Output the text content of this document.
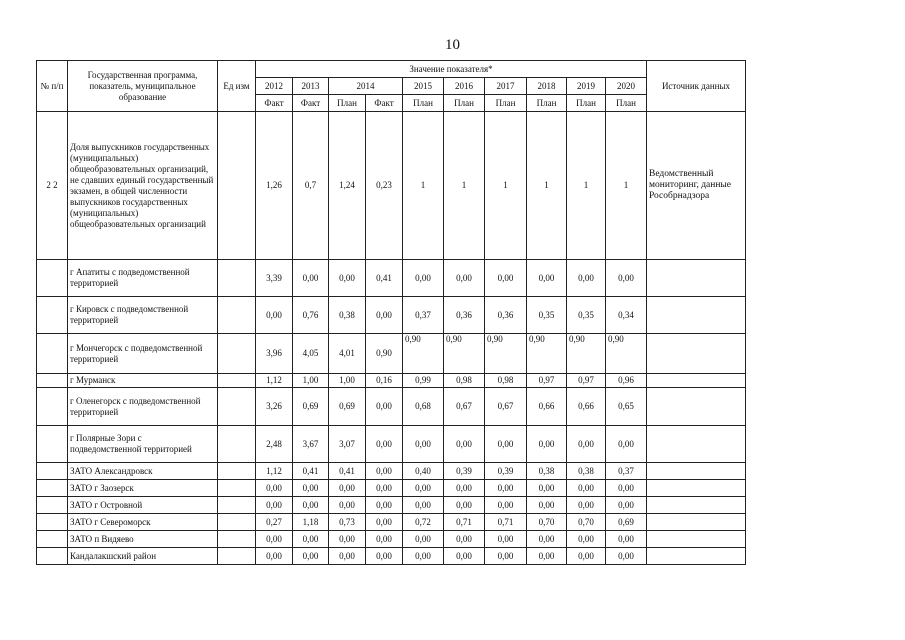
10
№ п/п	Государственная программа, показатель, муниципальное образование	Ед изм	Значение показателя*										Источник данных
			2012	2013	2014		2015	2016	2017	2018	2019	2020	
			Факт	Факт	План	Факт	План	План	План	План	План	План	
2 2	Доля выпускников государственных (муниципальных) общеобразовательных организаций, не сдавших единый государственный экзамен, в общей численности выпускников государственных (муниципальных) общеобразовательных организаций		1,26	0,7	1,24	0,23	1	1	1	1	1	1	Ведомственный мониторинг, данные Рособрнадзора
	г Апатиты с подведомственной территорией		3,39	0,00	0,00	0,41	0,00	0,00	0,00	0,00	0,00	0,00	
	г Кировск с подведомственной территорией		0,00	0,76	0,38	0,00	0,37	0,36	0,36	0,35	0,35	0,34	
	г Мончегорск с подведомственной территорией		3,96	4,05	4,01	0,90	0,90	0,90	0,90	0,90	0,90	0,90	
	г Мурманск		1,12	1,00	1,00	0,16	0,99	0,98	0,98	0,97	0,97	0,96	
	г Оленегорск с подведомственной территорией		3,26	0,69	0,69	0,00	0,68	0,67	0,67	0,66	0,66	0,65	
	г Полярные Зори с подведомственной территорией		2,48	3,67	3,07	0,00	0,00	0,00	0,00	0,00	0,00	0,00	
	ЗАТО Александровск		1,12	0,41	0,41	0,00	0,40	0,39	0,39	0,38	0,38	0,37	
	ЗАТО г Заозерск		0,00	0,00	0,00	0,00	0,00	0,00	0,00	0,00	0,00	0,00	
	ЗАТО г Островной		0,00	0,00	0,00	0,00	0,00	0,00	0,00	0,00	0,00	0,00	
	ЗАТО г Североморск		0,27	1,18	0,73	0,00	0,72	0,71	0,71	0,70	0,70	0,69	
	ЗАТО п Видяево		0,00	0,00	0,00	0,00	0,00	0,00	0,00	0,00	0,00	0,00	
	Кандалакшский район		0,00	0,00	0,00	0,00	0,00	0,00	0,00	0,00	0,00	0,00	
